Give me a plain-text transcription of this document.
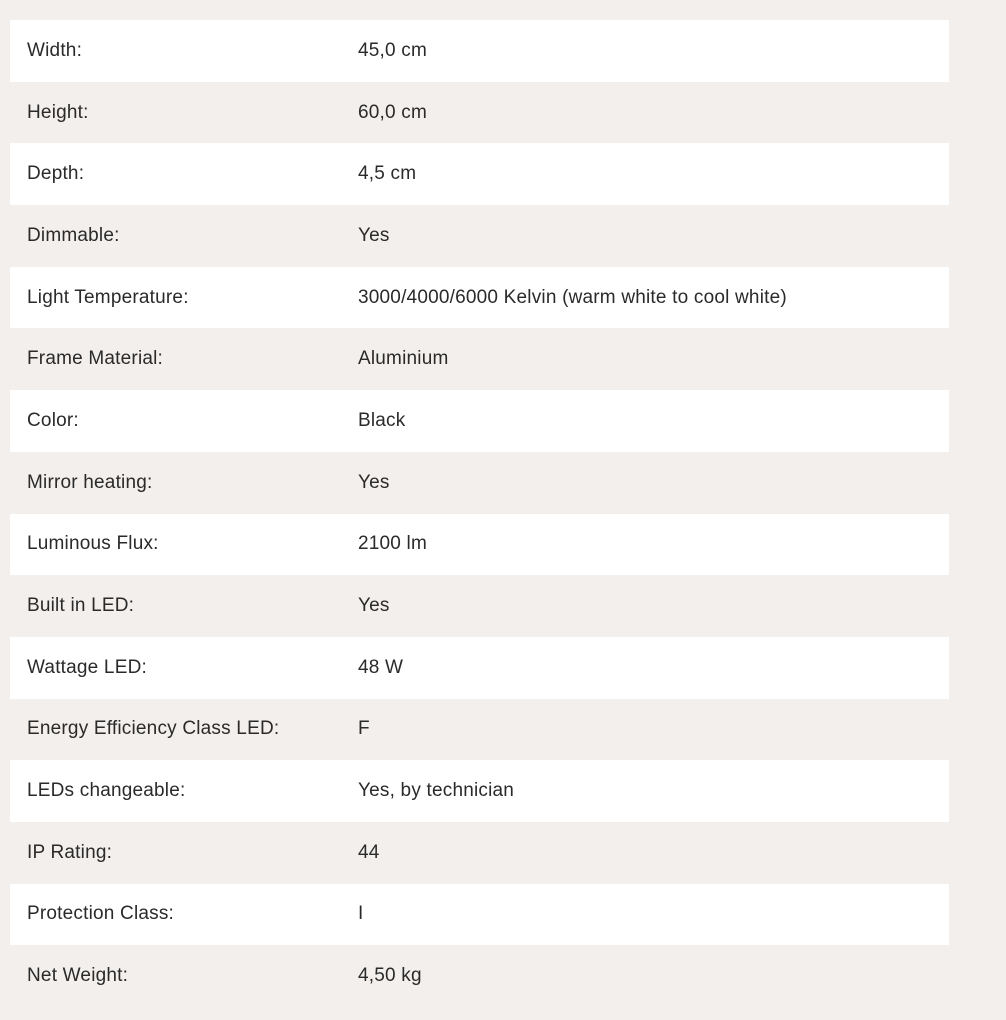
Width:	45,0 cm
Height:	60,0 cm
Depth:	4,5 cm
Dimmable:	Yes
Light Temperature:	3000/4000/6000 Kelvin (warm white to cool white)
Frame Material:	Aluminium
Color:	Black
Mirror heating:	Yes
Luminous Flux:	2100 lm
Built in LED:	Yes
Wattage LED:	48 W
Energy Efficiency Class LED:	F
LEDs changeable:	Yes, by technician
IP Rating:	44
Protection Class:	I
Net Weight:	4,50 kg
